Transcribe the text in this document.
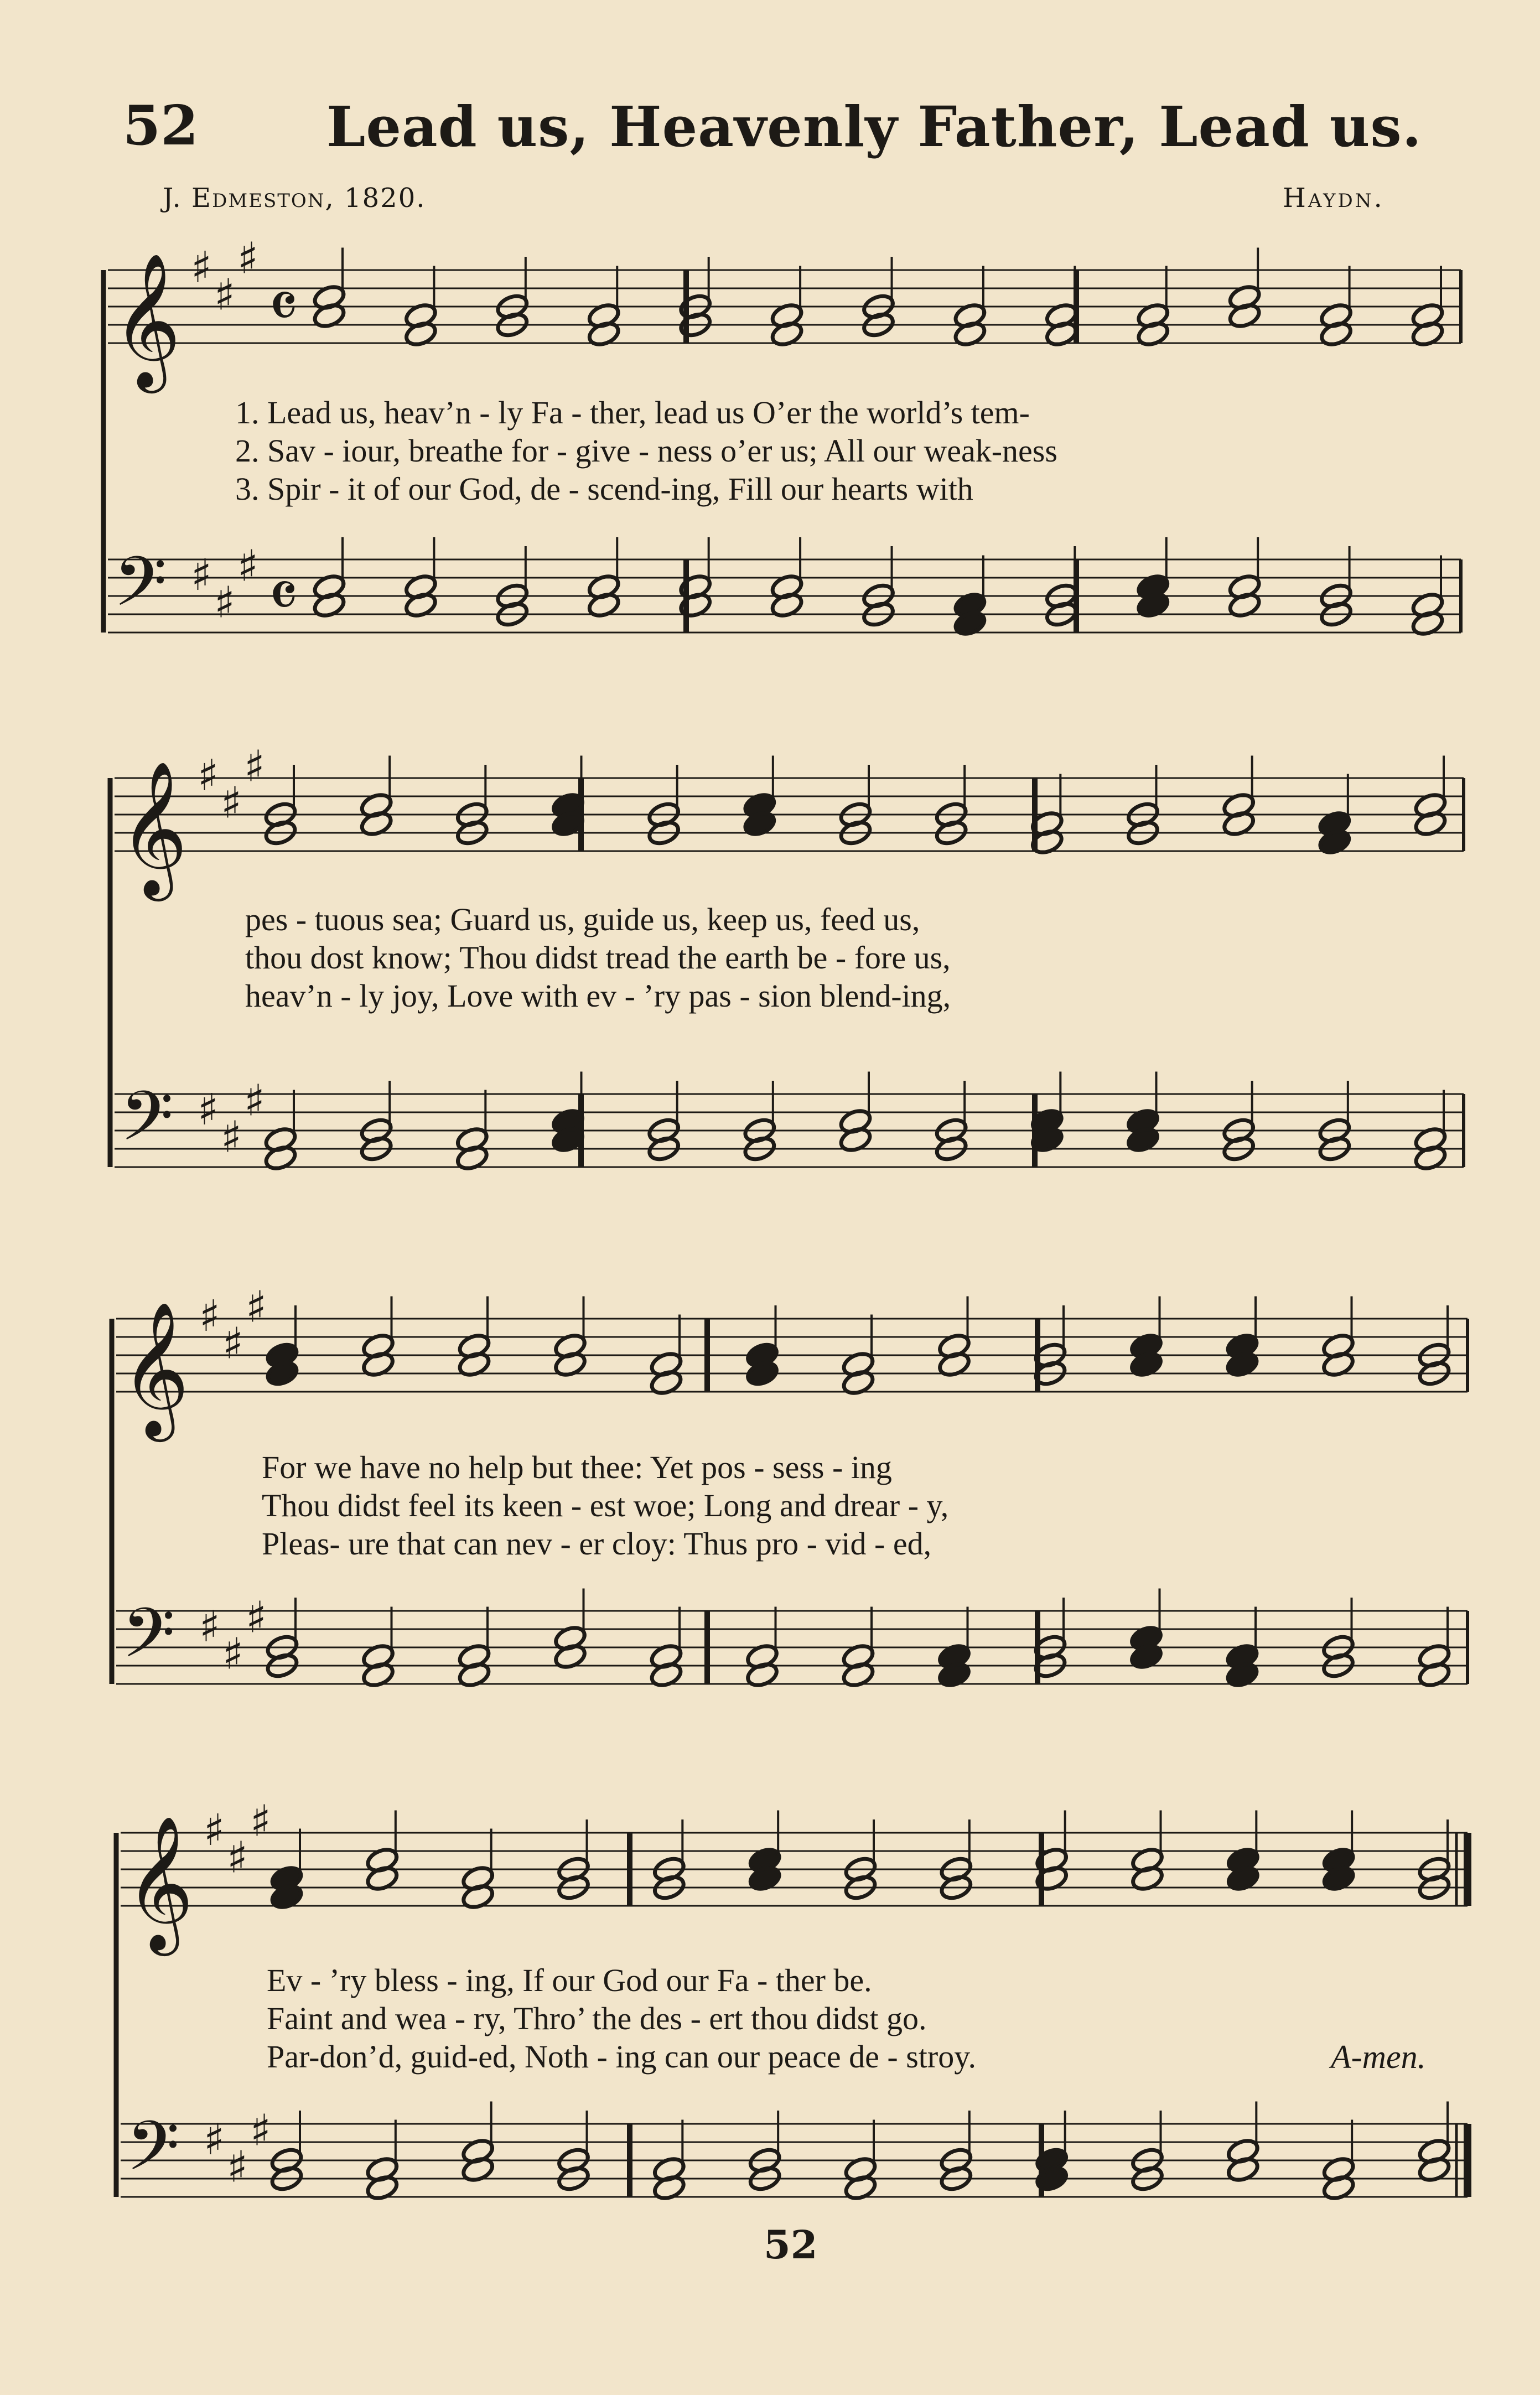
52 Lead us, Heavenly Father, Lead us.
J. Edmeston, 1820.	Haydn.
𝄞 ♯
♯
♯
𝄴
𝄢 ♯
♯
♯ 𝄴
𝄞 ♯
♯
♯
𝄢 ♯
♯
♯
𝄞 ♯
♯
♯
𝄢 ♯
♯
♯
𝄞 ♯
♯
♯
𝄢 ♯
♯
♯
1. Lead us, heav’n - ly Fa - ther, lead us O’er the world’s tem-
2. Sav - iour, breathe for - give - ness o’er us; All our weak-ness
3. Spir - it of our God, de - scend-ing, Fill our hearts with
pes - tuous sea; Guard us, guide us, keep us, feed us,
thou dost know; Thou didst tread the earth be - fore us,
heav’n - ly joy, Love with ev - ’ry pas - sion blend-ing,
For we have no help but thee: Yet pos - sess - ing
Thou didst feel its keen - est woe; Long and drear - y,
Pleas- ure that can nev - er cloy: Thus pro - vid - ed,
Ev - ’ry bless - ing, If our God our Fa - ther be.
Faint and wea - ry, Thro’ the des - ert thou didst go.
Par-don’d, guid-ed, Noth - ing can our peace de - stroy.	A-men.
52
